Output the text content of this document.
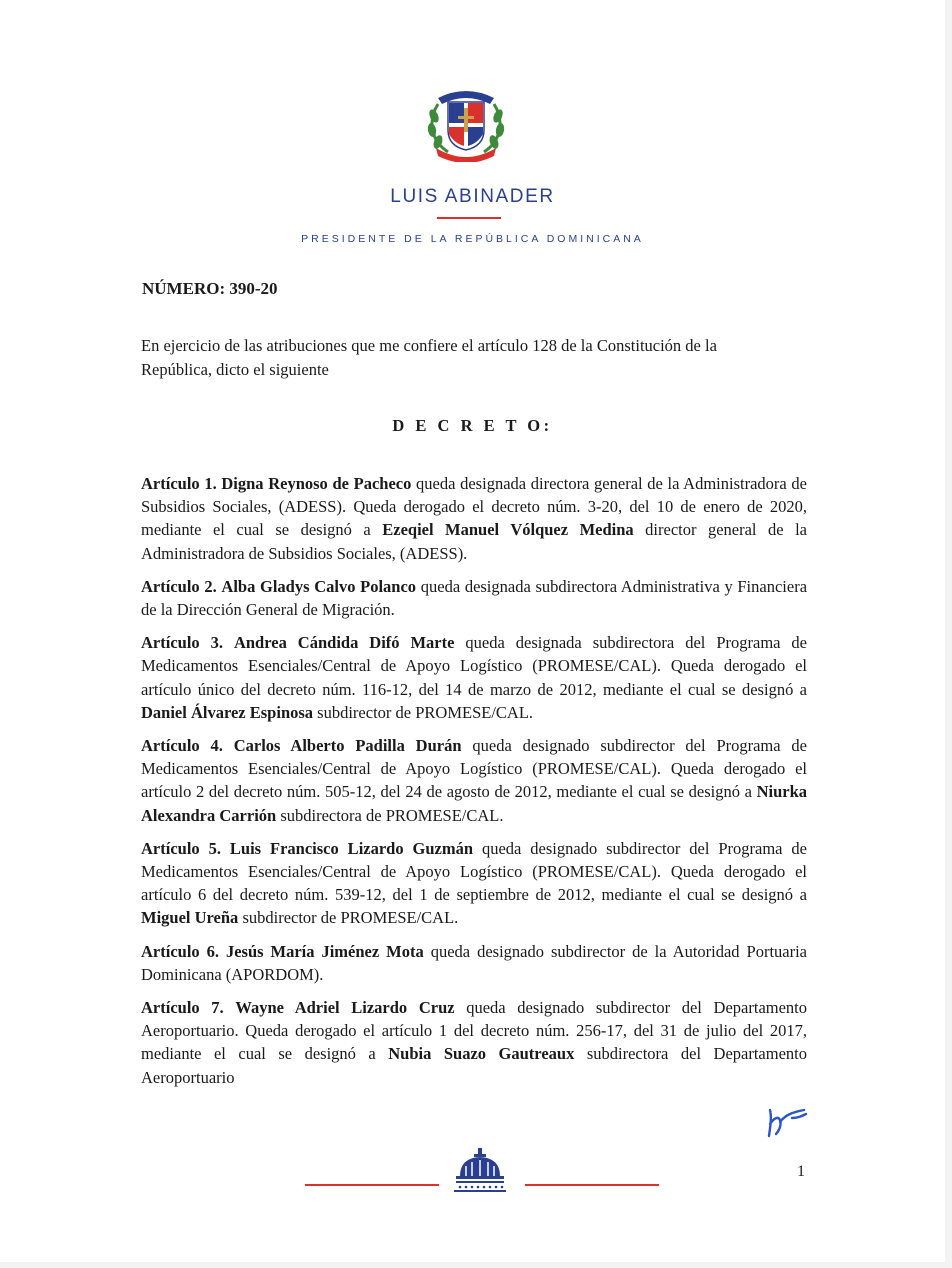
LUIS ABINADER
PRESIDENTE DE LA REPÚBLICA DOMINICANA
NÚMERO: 390-20

En ejercicio de las atribuciones que me confiere el artículo 128 de la Constitución de la República, dicto el siguiente

D E C R E T O:

Artículo 1. Digna Reynoso de Pacheco queda designada directora general de la Administradora de Subsidios Sociales, (ADESS). Queda derogado el decreto núm. 3-20, del 10 de enero de 2020, mediante el cual se designó a Ezeqiel Manuel Vólquez Medina director general de la Administradora de Subsidios Sociales, (ADESS).

Artículo 2. Alba Gladys Calvo Polanco queda designada subdirectora Administrativa y Financiera de la Dirección General de Migración.

Artículo 3. Andrea Cándida Difó Marte queda designada subdirectora del Programa de Medicamentos Esenciales/Central de Apoyo Logístico (PROMESE/CAL). Queda derogado el artículo único del decreto núm. 116-12, del 14 de marzo de 2012, mediante el cual se designó a Daniel Álvarez Espinosa subdirector de PROMESE/CAL.

Artículo 4. Carlos Alberto Padilla Durán queda designado subdirector del Programa de Medicamentos Esenciales/Central de Apoyo Logístico (PROMESE/CAL). Queda derogado el artículo 2 del decreto núm. 505-12, del 24 de agosto de 2012, mediante el cual se designó a Niurka Alexandra Carrión subdirectora de PROMESE/CAL.

Artículo 5. Luis Francisco Lizardo Guzmán queda designado subdirector del Programa de Medicamentos Esenciales/Central de Apoyo Logístico (PROMESE/CAL). Queda derogado el artículo 6 del decreto núm. 539-12, del 1 de septiembre de 2012, mediante el cual se designó a Miguel Ureña subdirector de PROMESE/CAL.

Artículo 6. Jesús María Jiménez Mota queda designado subdirector de la Autoridad Portuaria Dominicana (APORDOM).

Artículo 7. Wayne Adriel Lizardo Cruz queda designado subdirector del Departamento Aeroportuario. Queda derogado el artículo 1 del decreto núm. 256-17, del 31 de julio del 2017, mediante el cual se designó a Nubia Suazo Gautreaux subdirectora del Departamento Aeroportuario

1
